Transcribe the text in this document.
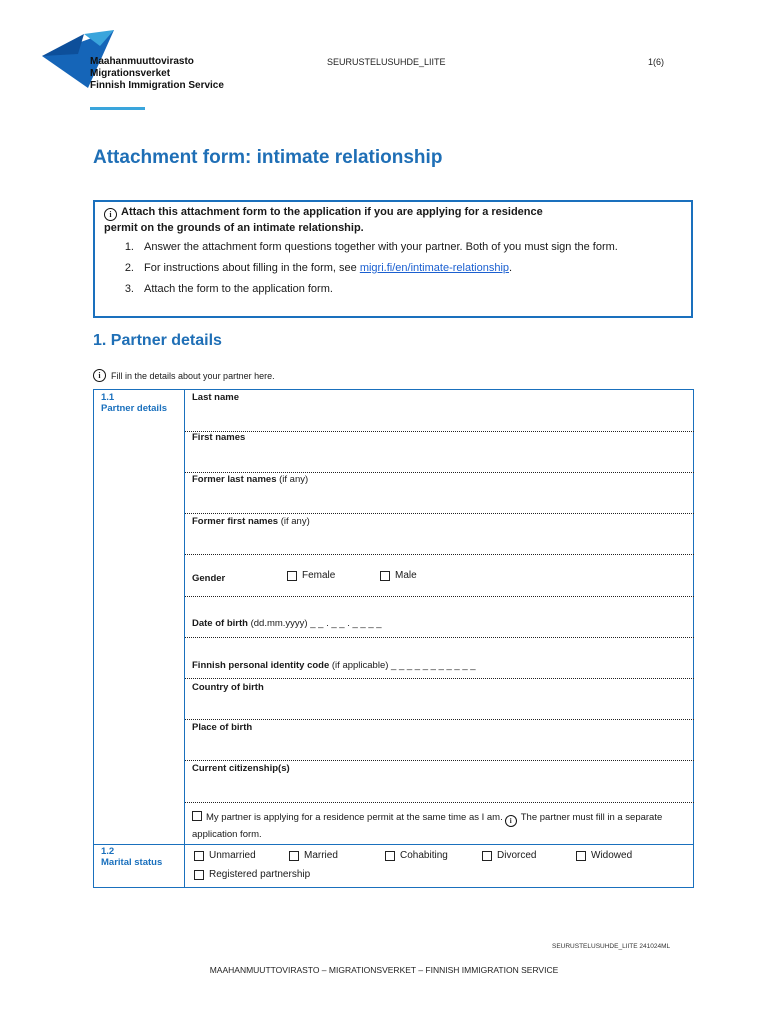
Maahanmuuttovirasto
Migrationsverket
Finnish Immigration Service
SEURUSTELUSUHDE_LIITE	1(6)
Attachment form: intimate relationship
i Attach this attachment form to the application if you are applying for a residence
permit on the grounds of an intimate relationship.
1. Answer the attachment form questions together with your partner. Both of you must sign the form.
2. For instructions about filling in the form, see migri.fi/en/intimate-relationship.
3. Attach the form to the application form.
1. Partner details
i	Fill in the details about your partner here.
1.1
Partner details
Last name
First names
Former last names (if any)
Former first names (if any)
Gender	Female	Male
Date of birth (dd.mm.yyyy) _ _ . _ _ . _ _ _ _
Finnish personal identity code (if applicable) _ _ _ _ _ _ _ _ _ _ _
Country of birth
Place of birth
Current citizenship(s)
My partner is applying for a residence permit at the same time as I am. i The partner must fill in a separate application form.
1.2
Marital status
Unmarried	Married	Cohabiting	Divorced	Widowed
Registered partnership
SEURUSTELUSUHDE_LIITE 241024ML
MAAHANMUUTTOVIRASTO – MIGRATIONSVERKET – FINNISH IMMIGRATION SERVICE
